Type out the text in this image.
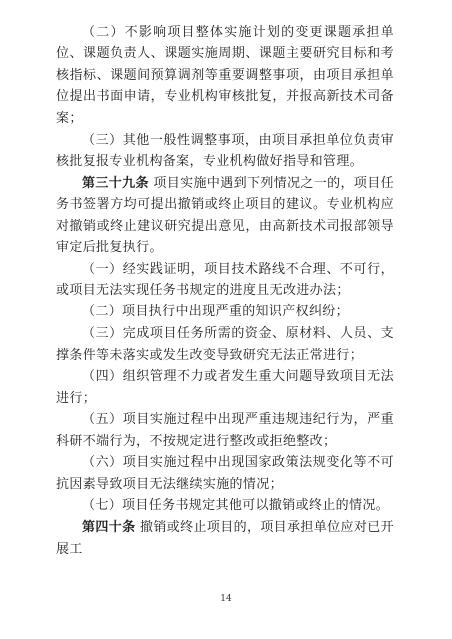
（二）不影响项目整体实施计划的变更课题承担单位、课题负责人、课题实施周期、课题主要研究目标和考核指标、课题间预算调剂等重要调整事项，由项目承担单位提出书面申请，专业机构审核批复，并报高新技术司备案；

（三）其他一般性调整事项，由项目承担单位负责审核批复报专业机构备案，专业机构做好指导和管理。

第三十九条 项目实施中遇到下列情况之一的，项目任务书签署方均可提出撤销或终止项目的建议。专业机构应对撤销或终止建议研究提出意见，由高新技术司报部领导审定后批复执行。

（一）经实践证明，项目技术路线不合理、不可行，或项目无法实现任务书规定的进度且无改进办法；

（二）项目执行中出现严重的知识产权纠纷；

（三）完成项目任务所需的资金、原材料、人员、支撑条件等未落实或发生改变导致研究无法正常进行；

（四）组织管理不力或者发生重大问题导致项目无法进行；

（五）项目实施过程中出现严重违规违纪行为，严重科研不端行为，不按规定进行整改或拒绝整改；

（六）项目实施过程中出现国家政策法规变化等不可抗因素导致项目无法继续实施的情况；

14

（七）项目任务书规定其他可以撤销或终止的情况。

第四十条 撤销或终止项目的，项目承担单位应对已开展工
